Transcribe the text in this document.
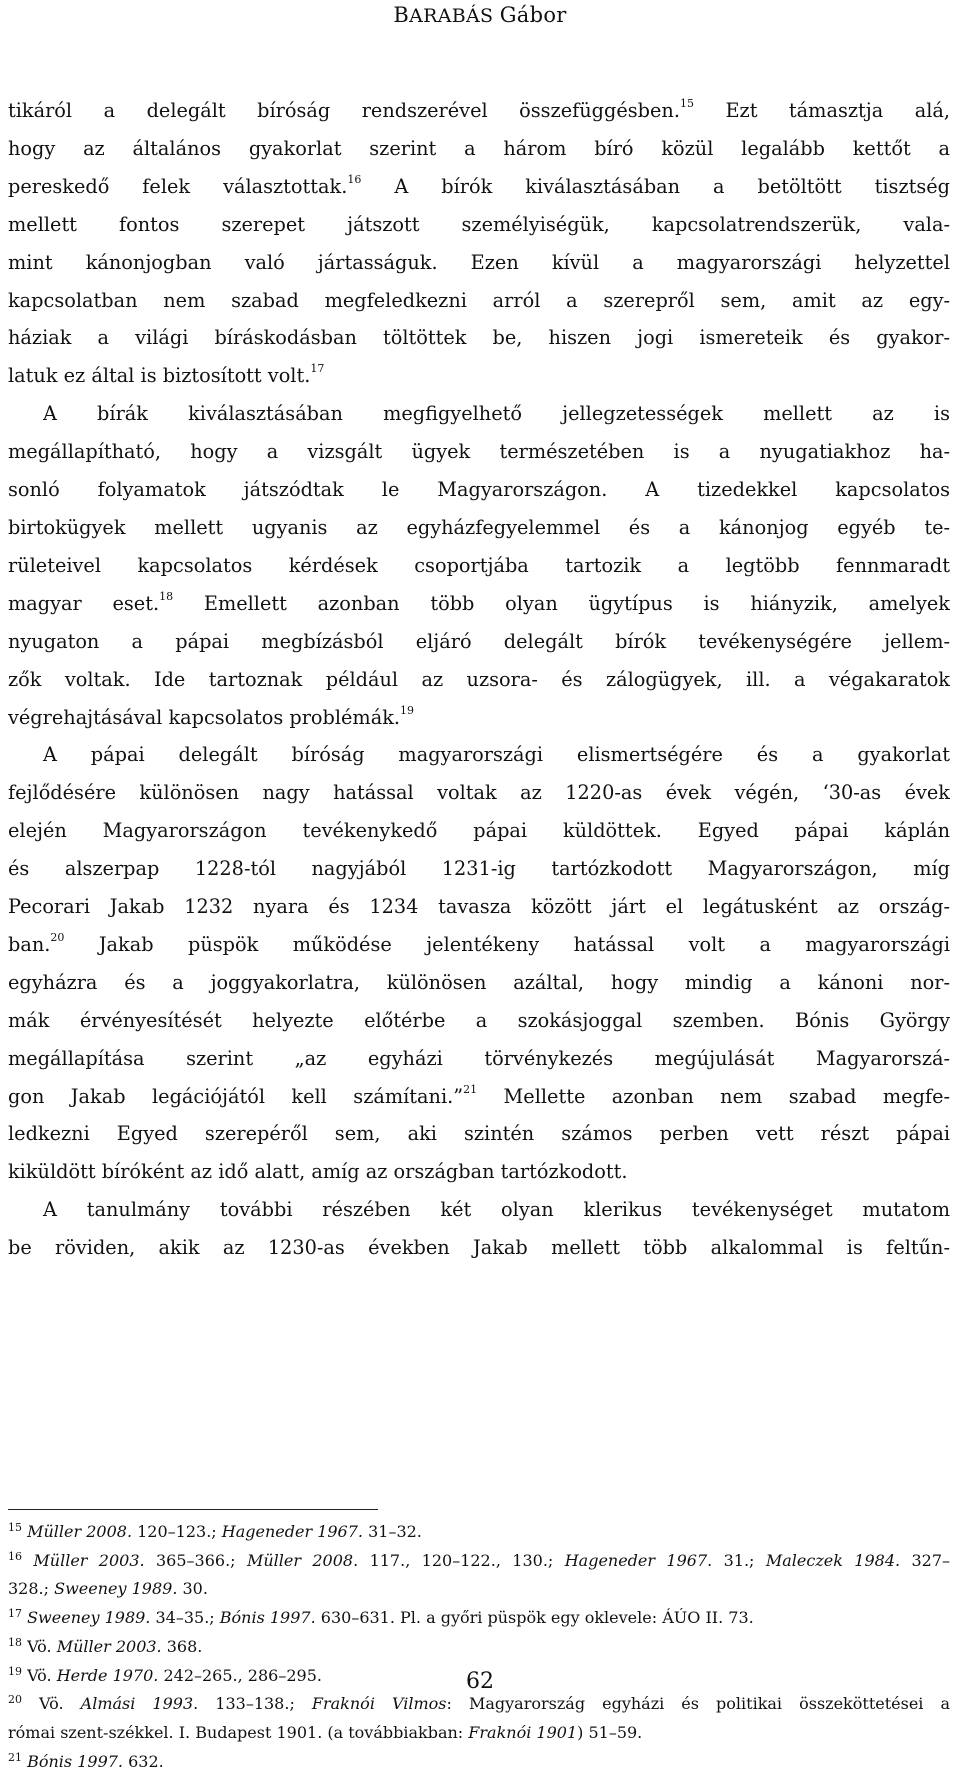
BARABÁS Gábor
tikáról a delegált bíróság rendszerével összefüggésben.$^{15}$ Ezt támasztja alá,
hogy az általános gyakorlat szerint a három bíró közül legalább kettőt a
pereskedő felek választottak.$^{16}$ A bírók kiválasztásában a betöltött tisztség
mellett fontos szerepet játszott személyiségük, kapcsolatrendszerük, vala-
mint kánonjogban való jártasságuk. Ezen kívül a magyarországi helyzettel
kapcsolatban nem szabad megfeledkezni arról a szerepről sem, amit az egy-
háziak a világi bíráskodásban töltöttek be, hiszen jogi ismereteik és gyakor-
latuk ez által is biztosított volt.$^{17}$
A bírák kiválasztásában megfigyelhető jellegzetességek mellett az is
megállapítható, hogy a vizsgált ügyek természetében is a nyugatiakhoz ha-
sonló folyamatok játszódtak le Magyarországon. A tizedekkel kapcsolatos
birtokügyek mellett ugyanis az egyházfegyelemmel és a kánonjog egyéb te-
rületeivel kapcsolatos kérdések csoportjába tartozik a legtöbb fennmaradt
magyar eset.$^{18}$ Emellett azonban több olyan ügytípus is hiányzik, amelyek
nyugaton a pápai megbízásból eljáró delegált bírók tevékenységére jellem-
zők voltak. Ide tartoznak például az uzsora- és zálogügyek, ill. a végakaratok
végrehajtásával kapcsolatos problémák.$^{19}$
A pápai delegált bíróság magyarországi elismertségére és a gyakorlat
fejlődésére különösen nagy hatással voltak az 1220-as évek végén, ‘30-as évek
elején Magyarországon tevékenykedő pápai küldöttek. Egyed pápai káplán
és alszerpap 1228-tól nagyjából 1231-ig tartózkodott Magyarországon, míg
Pecorari Jakab 1232 nyara és 1234 tavasza között járt el legátusként az ország-
ban.$^{20}$ Jakab püspök működése jelentékeny hatással volt a magyarországi
egyházra és a joggyakorlatra, különösen azáltal, hogy mindig a kánoni nor-
mák érvényesítését helyezte előtérbe a szokásjoggal szemben. Bónis György
megállapítása szerint „az egyházi törvénykezés megújulását Magyarorszá-
gon Jakab legációjától kell számítani.”$^{21}$ Mellette azonban nem szabad megfe-
ledkezni Egyed szerepéről sem, aki szintén számos perben vett részt pápai
kiküldött bíróként az idő alatt, amíg az országban tartózkodott.
A tanulmány további részében két olyan klerikus tevékenységet mutatom
be röviden, akik az 1230-as években Jakab mellett több alkalommal is feltűn-
$^{15}$ Müller 2008. 120–123.; Hageneder 1967. 31–32.
$^{16}$ Müller 2003. 365–366.; Müller 2008. 117., 120–122., 130.; Hageneder 1967. 31.; Maleczek 1984. 327–
328.; Sweeney 1989. 30.
$^{17}$ Sweeney 1989. 34–35.; Bónis 1997. 630–631. Pl. a győri püspök egy oklevele: ÁÚO II. 73.
$^{18}$ Vö. Müller 2003. 368.
$^{19}$ Vö. Herde 1970. 242–265., 286–295.
$^{20}$ Vö. Almási 1993. 133–138.; Fraknói Vilmos: Magyarország egyházi és politikai összeköttetései a
római szent-székkel. I. Budapest 1901. (a továbbiakban: Fraknói 1901) 51–59.
$^{21}$ Bónis 1997. 632.
62
